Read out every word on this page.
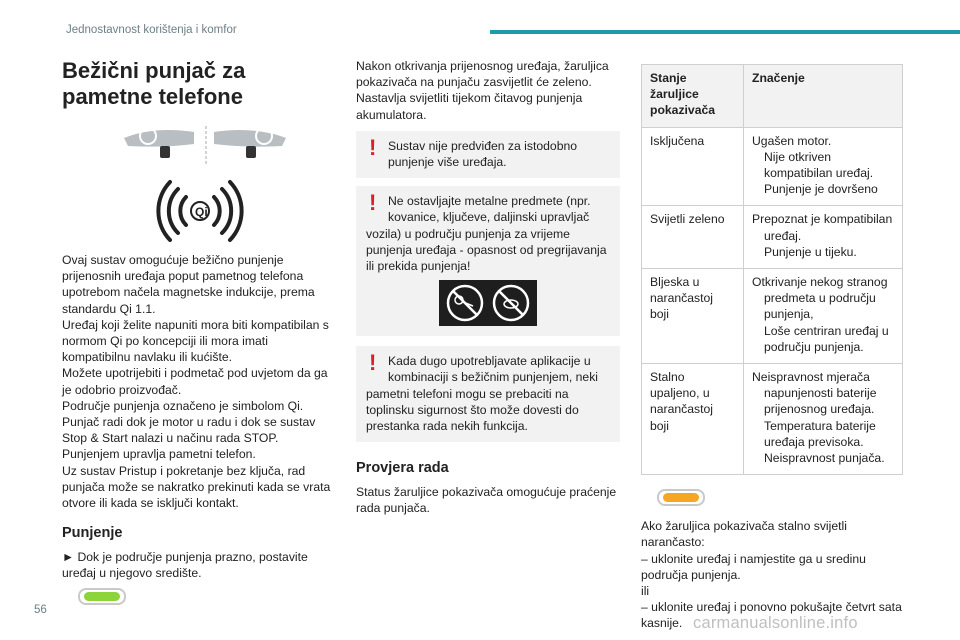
Jednostavnost korištenja i komfor
Bežični punjač za pametne telefone
Qi

Ovaj sustav omogućuje bežično punjenje prijenosnih uređaja poput pametnog telefona upotrebom načela magnetske indukcije, prema standardu Qi 1.1.

Uređaj koji želite napuniti mora biti kompatibilan s normom Qi po koncepciji ili mora imati kompatibilnu navlaku ili kućište.

Možete upotrijebiti i podmetač pod uvjetom da ga je odobrio proizvođač.

Područje punjenja označeno je simbolom Qi.

Punjač radi dok je motor u radu i dok se sustav Stop & Start nalazi u načinu rada STOP.

Punjenjem upravlja pametni telefon.

Uz sustav Pristup i pokretanje bez ključa, rad punjača može se nakratko prekinuti kada se vrata otvore ili kada se isključi kontakt.

Punjenje

► Dok je područje punjenja prazno, postavite uređaj u njegovo središte.

Nakon otkrivanja prijenosnog uređaja, žaruljica pokazivača na punjaču zasvijetlit će zeleno. Nastavlja svijetliti tijekom čitavog punjenja akumulatora.

! Sustav nije predviđen za istodobno punjenje više uređaja.
! Ne ostavljajte metalne predmete (npr.
kovanice, ključeve, daljinski upravljač
vozila) u području punjenja za vrijeme punjenja uređaja - opasnost od pregrijavanja ili prekida punjenja!
! Kada dugo upotrebljavate aplikacije u
kombinaciji s bežičnim punjenjem, neki
pametni telefoni mogu se prebaciti na toplinsku sigurnost što može dovesti do prestanka rada nekih funkcija.
Provjera rada

Status žaruljice pokazivača omogućuje praćenje rada punjača.

Stanje žaruljice pokazivača	Značenje
Isključena	Ugašen motor.
Nije otkriven kompatibilan uređaj.
Punjenje je dovršeno

Svijetli zeleno	Prepoznat je kompatibilan
uređaj.
Punjenje u tijeku.

Bljeska u narančastoj boji	Otkrivanje nekog stranog
predmeta u području punjenja,
Loše centriran uređaj u području punjenja.

Stalno upaljeno, u narančastoj boji	Neispravnost mjerača
napunjenosti baterije prijenosnog uređaja.
Temperatura baterije uređaja previsoka.
Neispravnost punjača.

Ako žaruljica pokazivača stalno svijetli narančasto:

– uklonite uređaj i namjestite ga u sredinu područja punjenja.

ili

– uklonite uređaj i ponovno pokušajte četvrt sata kasnije.

56
carmanualsonline.info
